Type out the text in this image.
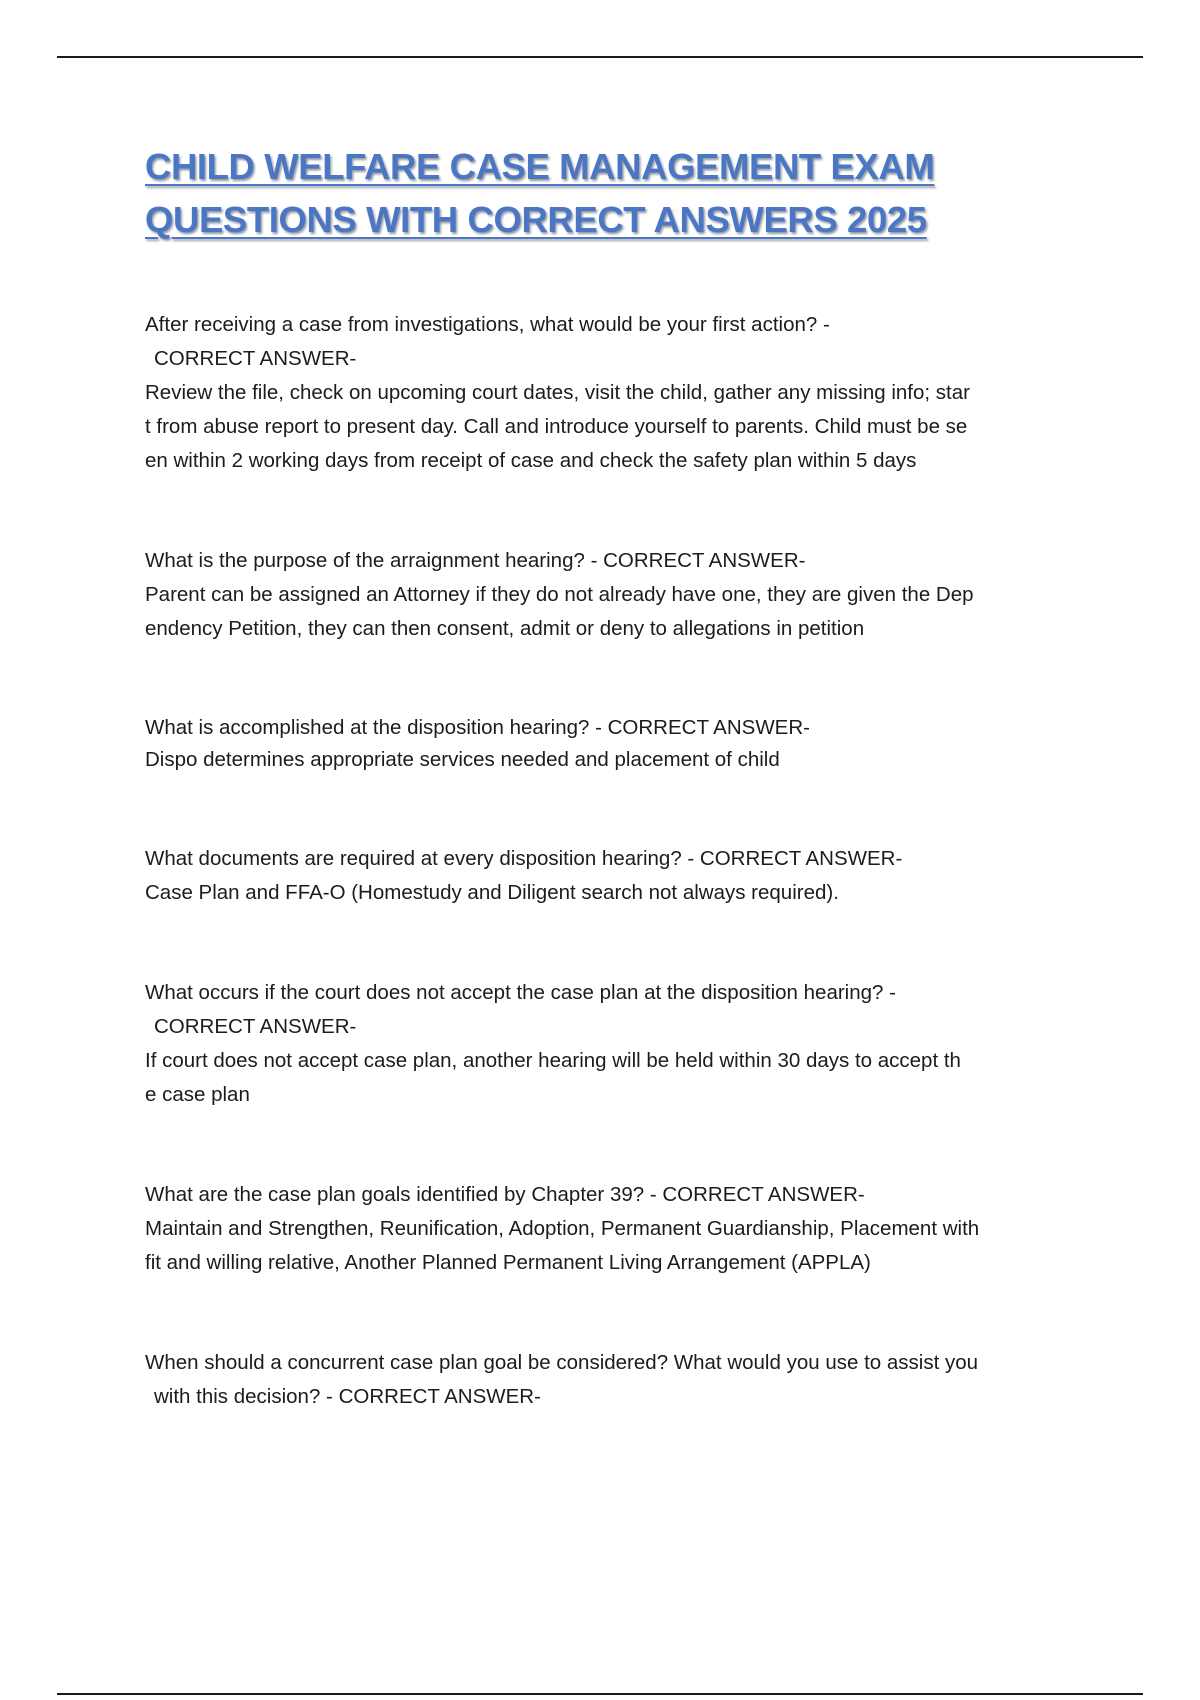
CHILD WELFARE CASE MANAGEMENT EXAM
QUESTIONS WITH CORRECT ANSWERS 2025
After receiving a case from investigations, what would be your first action? -
CORRECT ANSWER-
Review the file, check on upcoming court dates, visit the child, gather any missing info; star
t from abuse report to present day. Call and introduce yourself to parents. Child must be se
en within 2 working days from receipt of case and check the safety plan within 5 days
What is the purpose of the arraignment hearing? - CORRECT ANSWER-
Parent can be assigned an Attorney if they do not already have one, they are given the Dep
endency Petition, they can then consent, admit or deny to allegations in petition
What is accomplished at the disposition hearing? - CORRECT ANSWER-
Dispo determines appropriate services needed and placement of child
What documents are required at every disposition hearing? - CORRECT ANSWER-
Case Plan and FFA-O (Homestudy and Diligent search not always required).
What occurs if the court does not accept the case plan at the disposition hearing? -
CORRECT ANSWER-
If court does not accept case plan, another hearing will be held within 30 days to accept th
e case plan
What are the case plan goals identified by Chapter 39? - CORRECT ANSWER-
Maintain and Strengthen, Reunification, Adoption, Permanent Guardianship, Placement with
fit and willing relative, Another Planned Permanent Living Arrangement (APPLA)
When should a concurrent case plan goal be considered? What would you use to assist you
with this decision? - CORRECT ANSWER-
